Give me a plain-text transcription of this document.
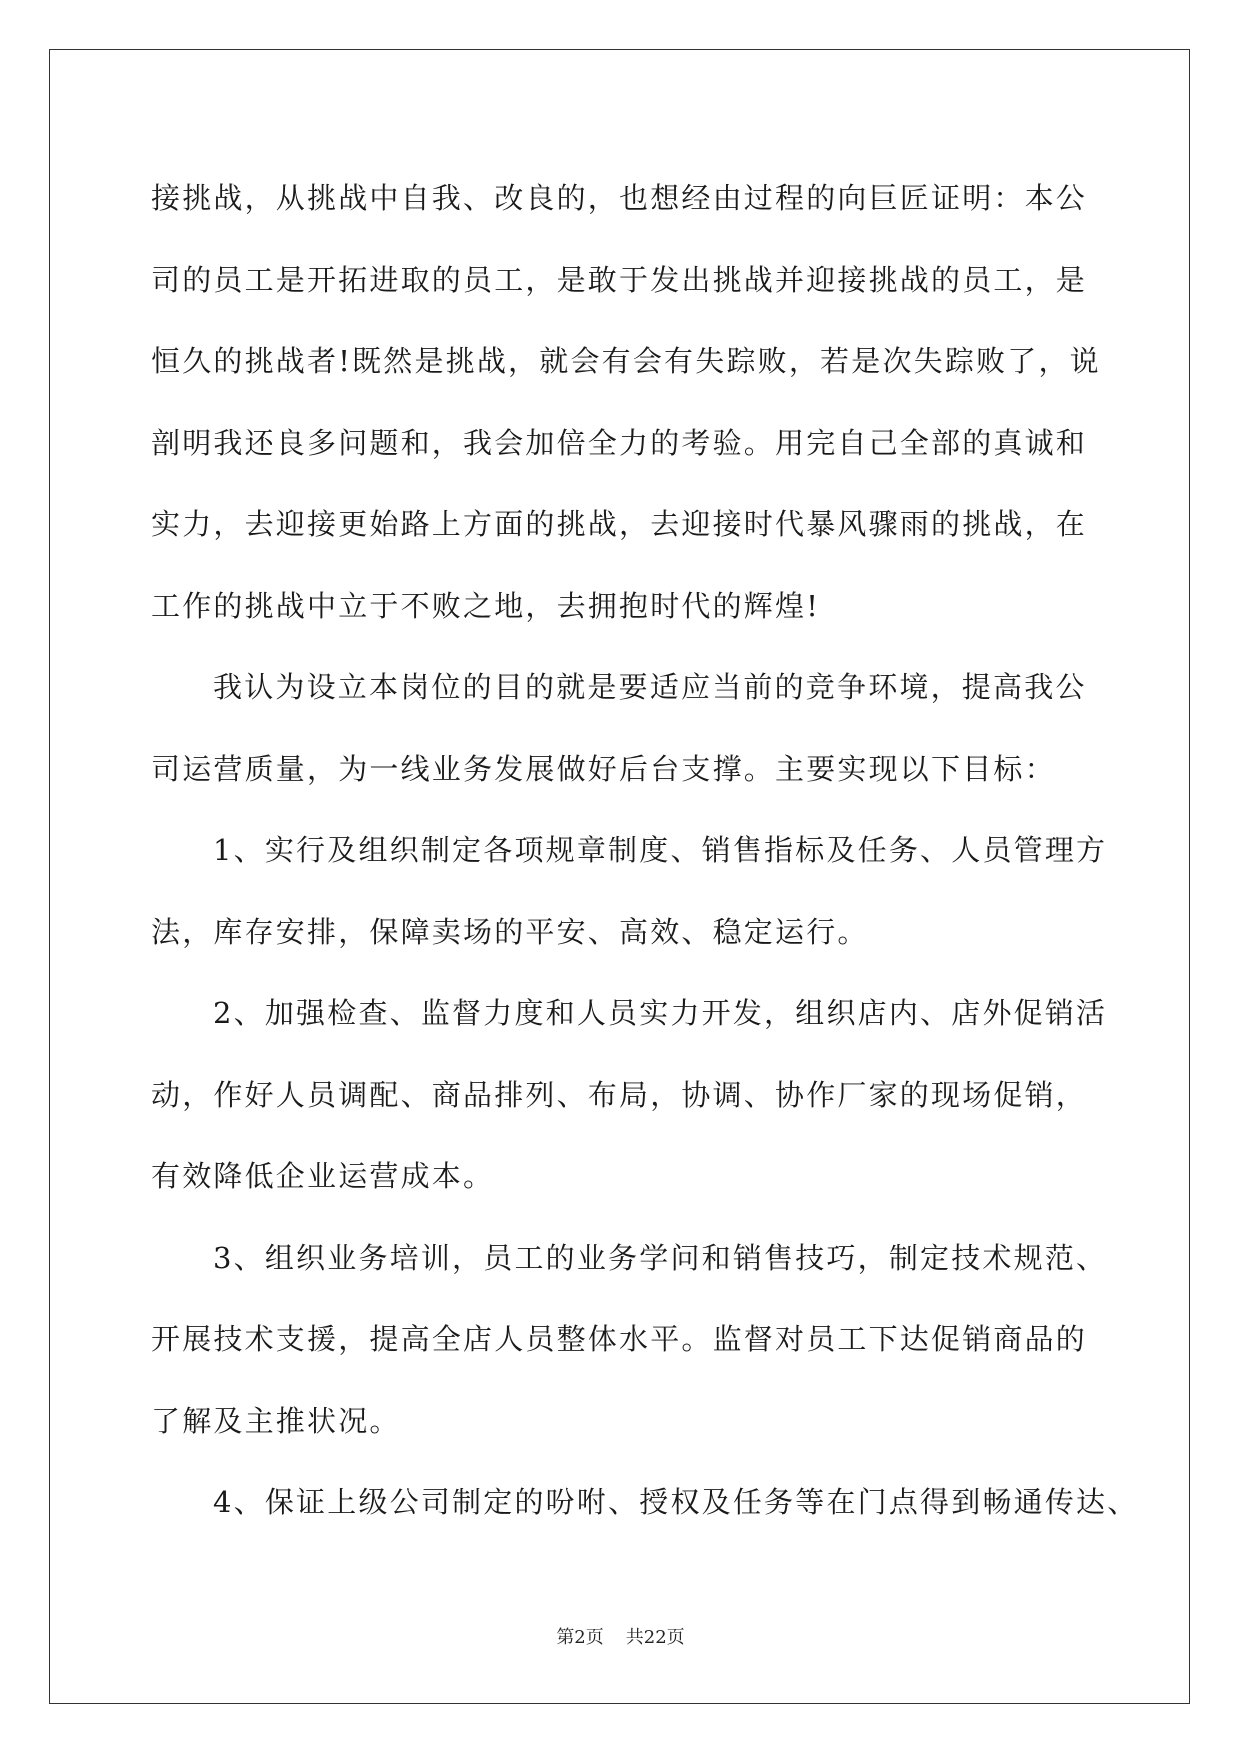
接挑战，从挑战中自我、改良的，也想经由过程的向巨匠证明：本公
司的员工是开拓进取的员工，是敢于发出挑战并迎接挑战的员工，是
恒久的挑战者!既然是挑战，就会有会有失踪败，若是次失踪败了，说
剖明我还良多问题和，我会加倍全力的考验。用完自己全部的真诚和
实力，去迎接更始路上方面的挑战，去迎接时代暴风骤雨的挑战，在
工作的挑战中立于不败之地，去拥抱时代的辉煌!
我认为设立本岗位的目的就是要适应当前的竞争环境，提高我公
司运营质量，为一线业务发展做好后台支撑。主要实现以下目标：
1、实行及组织制定各项规章制度、销售指标及任务、人员管理方
法，库存安排，保障卖场的平安、高效、稳定运行。
2、加强检查、监督力度和人员实力开发，组织店内、店外促销活
动，作好人员调配、商品排列、布局，协调、协作厂家的现场促销，
有效降低企业运营成本。
3、组织业务培训，员工的业务学问和销售技巧，制定技术规范、
开展技术支援，提高全店人员整体水平。监督对员工下达促销商品的
了解及主推状况。
4、保证上级公司制定的吩咐、授权及任务等在门点得到畅通传达、
第2页 共22页
